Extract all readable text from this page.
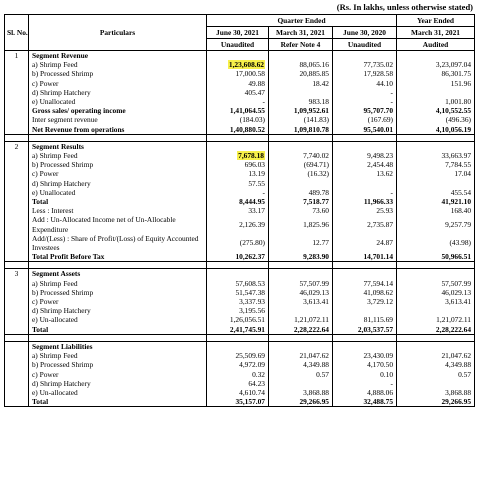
(Rs. In lakhs, unless otherwise stated)
Sl. No.	Particulars	Quarter Ended			Year Ended
		June 30, 2021	March 31, 2021	June 30, 2020	March 31, 2021
		Unaudited	Refer Note 4	Unaudited	Audited
1	Segment Revenue				
	a) Shrimp Feed	1,23,608.62	88,065.16	77,735.02	3,23,097.04
	b) Processed Shrimp	17,000.58	20,885.85	17,928.58	86,301.75
	c) Power	49.88	18.42	44.10	151.96
	d) Shrimp Hatchery	405.47		-	
	e) Unallocated	-	983.18	-	1,001.80
	Gross sales/ operating income	1,41,064.55	1,09,952.61	95,707.70	4,10,552.55
	Inter segment revenue	(184.03)	(141.83)	(167.69)	(496.36)
	Net Revenue from operations	1,40,880.52	1,09,810.78	95,540.01	4,10,056.19

2	Segment Results				
	a) Shrimp Feed	7,678.18	7,740.02	9,498.23	33,663.97
	b) Processed Shrimp	696.03	(694.71)	2,454.48	7,784.55
	c) Power	13.19	(16.32)	13.62	17.04
	d) Shrimp Hatchery	57.55			
	e) Unallocated	-	489.78	-	455.54
	Total	8,444.95	7,518.77	11,966.33	41,921.10
	Less : Interest	33.17	73.60	25.93	168.40
	Add : Un-Allocated Income net of Un-Allocable Expenditure	2,126.39	1,825.96	2,735.87	9,257.79
	Add/(Less) : Share of Profit/(Loss) of Equity Accounted Investees	(275.80)	12.77	24.87	(43.98)
	Total Profit Before Tax	10,262.37	9,283.90	14,701.14	50,966.51

3	Segment Assets				
	a) Shrimp Feed	57,608.53	57,507.99	77,594.14	57,507.99
	b) Processed Shrimp	51,547.38	46,029.13	41,098.62	46,029.13
	c) Power	3,337.93	3,613.41	3,729.12	3,613.41
	d) Shrimp Hatchery	3,195.56			
	e) Un-allocated	1,26,056.51	1,21,072.11	81,115.69	1,21,072.11
	Total	2,41,745.91	2,28,222.64	2,03,537.57	2,28,222.64

	Segment Liabilities				
	a) Shrimp Feed	25,509.69	21,047.62	23,430.09	21,047.62
	b) Processed Shrimp	4,972.09	4,349.88	4,170.50	4,349.88
	c) Power	0.32	0.57	0.10	0.57
	d) Shrimp Hatchery	64.23		-	
	e) Un-allocated	4,610.74	3,868.88	4,888.06	3,868.88
	Total	35,157.07	29,266.95	32,488.75	29,266.95
